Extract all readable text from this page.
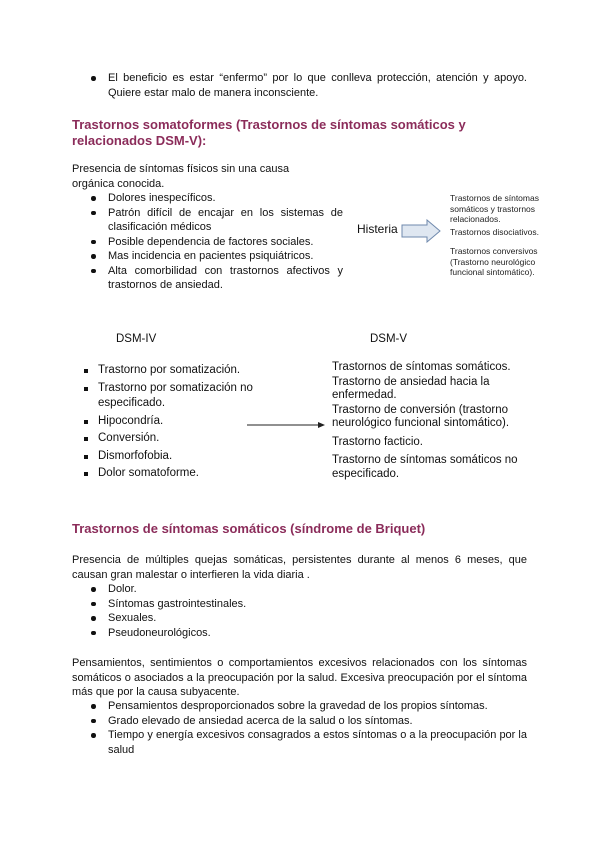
El beneficio es estar “enfermo” por lo que conlleva protección, atención y apoyo. Quiere estar malo de manera inconsciente.
Trastornos somatoformes (Trastornos de síntomas somáticos y relacionados DSM-V):
Presencia de síntomas físicos sin una causa
orgánica conocida.
Dolores inespecíficos.
Patrón difícil de encajar en los sistemas de clasificación médicos
Posible dependencia de factores sociales.
Mas incidencia en pacientes psiquiátricos.
Alta comorbilidad con trastornos afectivos y trastornos de ansiedad.
Histeria
Trastornos de síntomas somáticos y trastornos relacionados.
Trastornos disociativos.
Trastornos conversivos (Trastorno neurológico funcional sintomático).
DSM-IV	DSM-V
Trastorno por somatización.
Trastorno por somatización no especificado.
Hipocondría.
Conversión.
Dismorfofobia.
Dolor somatoforme.
Trastornos de síntomas somáticos.
Trastorno de ansiedad hacia la enfermedad.
Trastorno de conversión (trastorno neurológico funcional sintomático).
Trastorno facticio.
Trastorno de síntomas somáticos no especificado.
Trastornos de síntomas somáticos (síndrome de Briquet)
Presencia de múltiples quejas somáticas, persistentes durante al menos 6 meses, que causan gran malestar o interfieren la vida diaria .
Dolor.
Síntomas gastrointestinales.
Sexuales.
Pseudoneurológicos.
Pensamientos, sentimientos o comportamientos excesivos relacionados con los síntomas somáticos o asociados a la preocupación por la salud. Excesiva preocupación por el síntoma más que por la causa subyacente.
Pensamientos desproporcionados sobre la gravedad de los propios síntomas.
Grado elevado de ansiedad acerca de la salud o los síntomas.
Tiempo y energía excesivos consagrados a estos síntomas o a la preocupación por la salud
